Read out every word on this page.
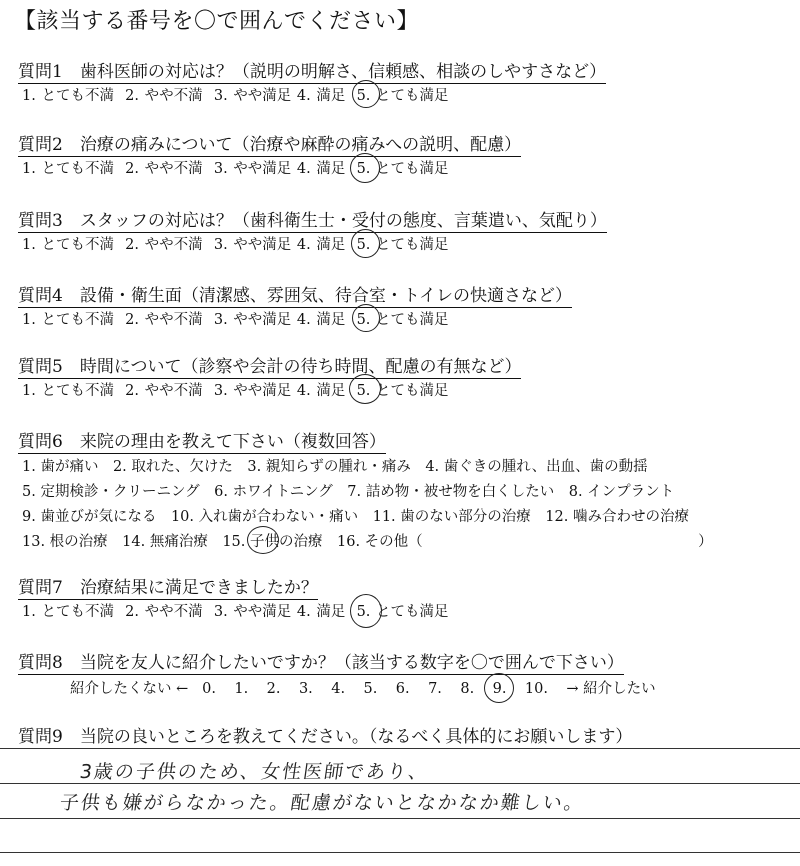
【該当する番号を〇で囲んでください】
質問1　歯科医師の対応は？（説明の明解さ、信頼感、相談のしやすさなど）
1. とても不満 2. やや不満 3. やや満足 4. 満足 5. とても満足
質問2　治療の痛みについて（治療や麻酔の痛みへの説明、配慮）
1. とても不満 2. やや不満 3. やや満足 4. 満足 5. とても満足
質問3　スタッフの対応は？（歯科衛生士・受付の態度、言葉遣い、気配り）
1. とても不満 2. やや不満 3. やや満足 4. 満足 5. とても満足
質問4　設備・衛生面（清潔感、雰囲気、待合室・トイレの快適さなど）
1. とても不満 2. やや不満 3. やや満足 4. 満足 5. とても満足
質問5　時間について（診察や会計の待ち時間、配慮の有無など）
1. とても不満 2. やや不満 3. やや満足 4. 満足 5. とても満足
質問6　来院の理由を教えて下さい（複数回答）
1. 歯が痛い　2. 取れた、欠けた　3. 親知らずの腫れ・痛み　4. 歯ぐきの腫れ、出血、歯の動揺
5. 定期検診・クリーニング　6. ホワイトニング　7. 詰め物・被せ物を白くしたい　8. インプラント
9. 歯並びが気になる　10. 入れ歯が合わない・痛い　11. 歯のない部分の治療　12. 噛み合わせの治療
13. 根の治療　14. 無痛治療　15. 子供の治療　16. その他（　　　　　　　　　　　　　　　　　　　）
質問7　治療結果に満足できましたか？
1. とても不満 2. やや不満 3. やや満足 4. 満足 5. とても満足
質問8　当院を友人に紹介したいですか？（該当する数字を〇で囲んで下さい）
紹介したくない ← 0. 1. 2. 3. 4. 5. 6. 7. 8. 9. 10. → 紹介したい
質問9　当院の良いところを教えてください。（なるべく具体的にお願いします）
3歳の子供のため、女性医師であり、
子供も嫌がらなかった。配慮がないとなかなか難しい。
